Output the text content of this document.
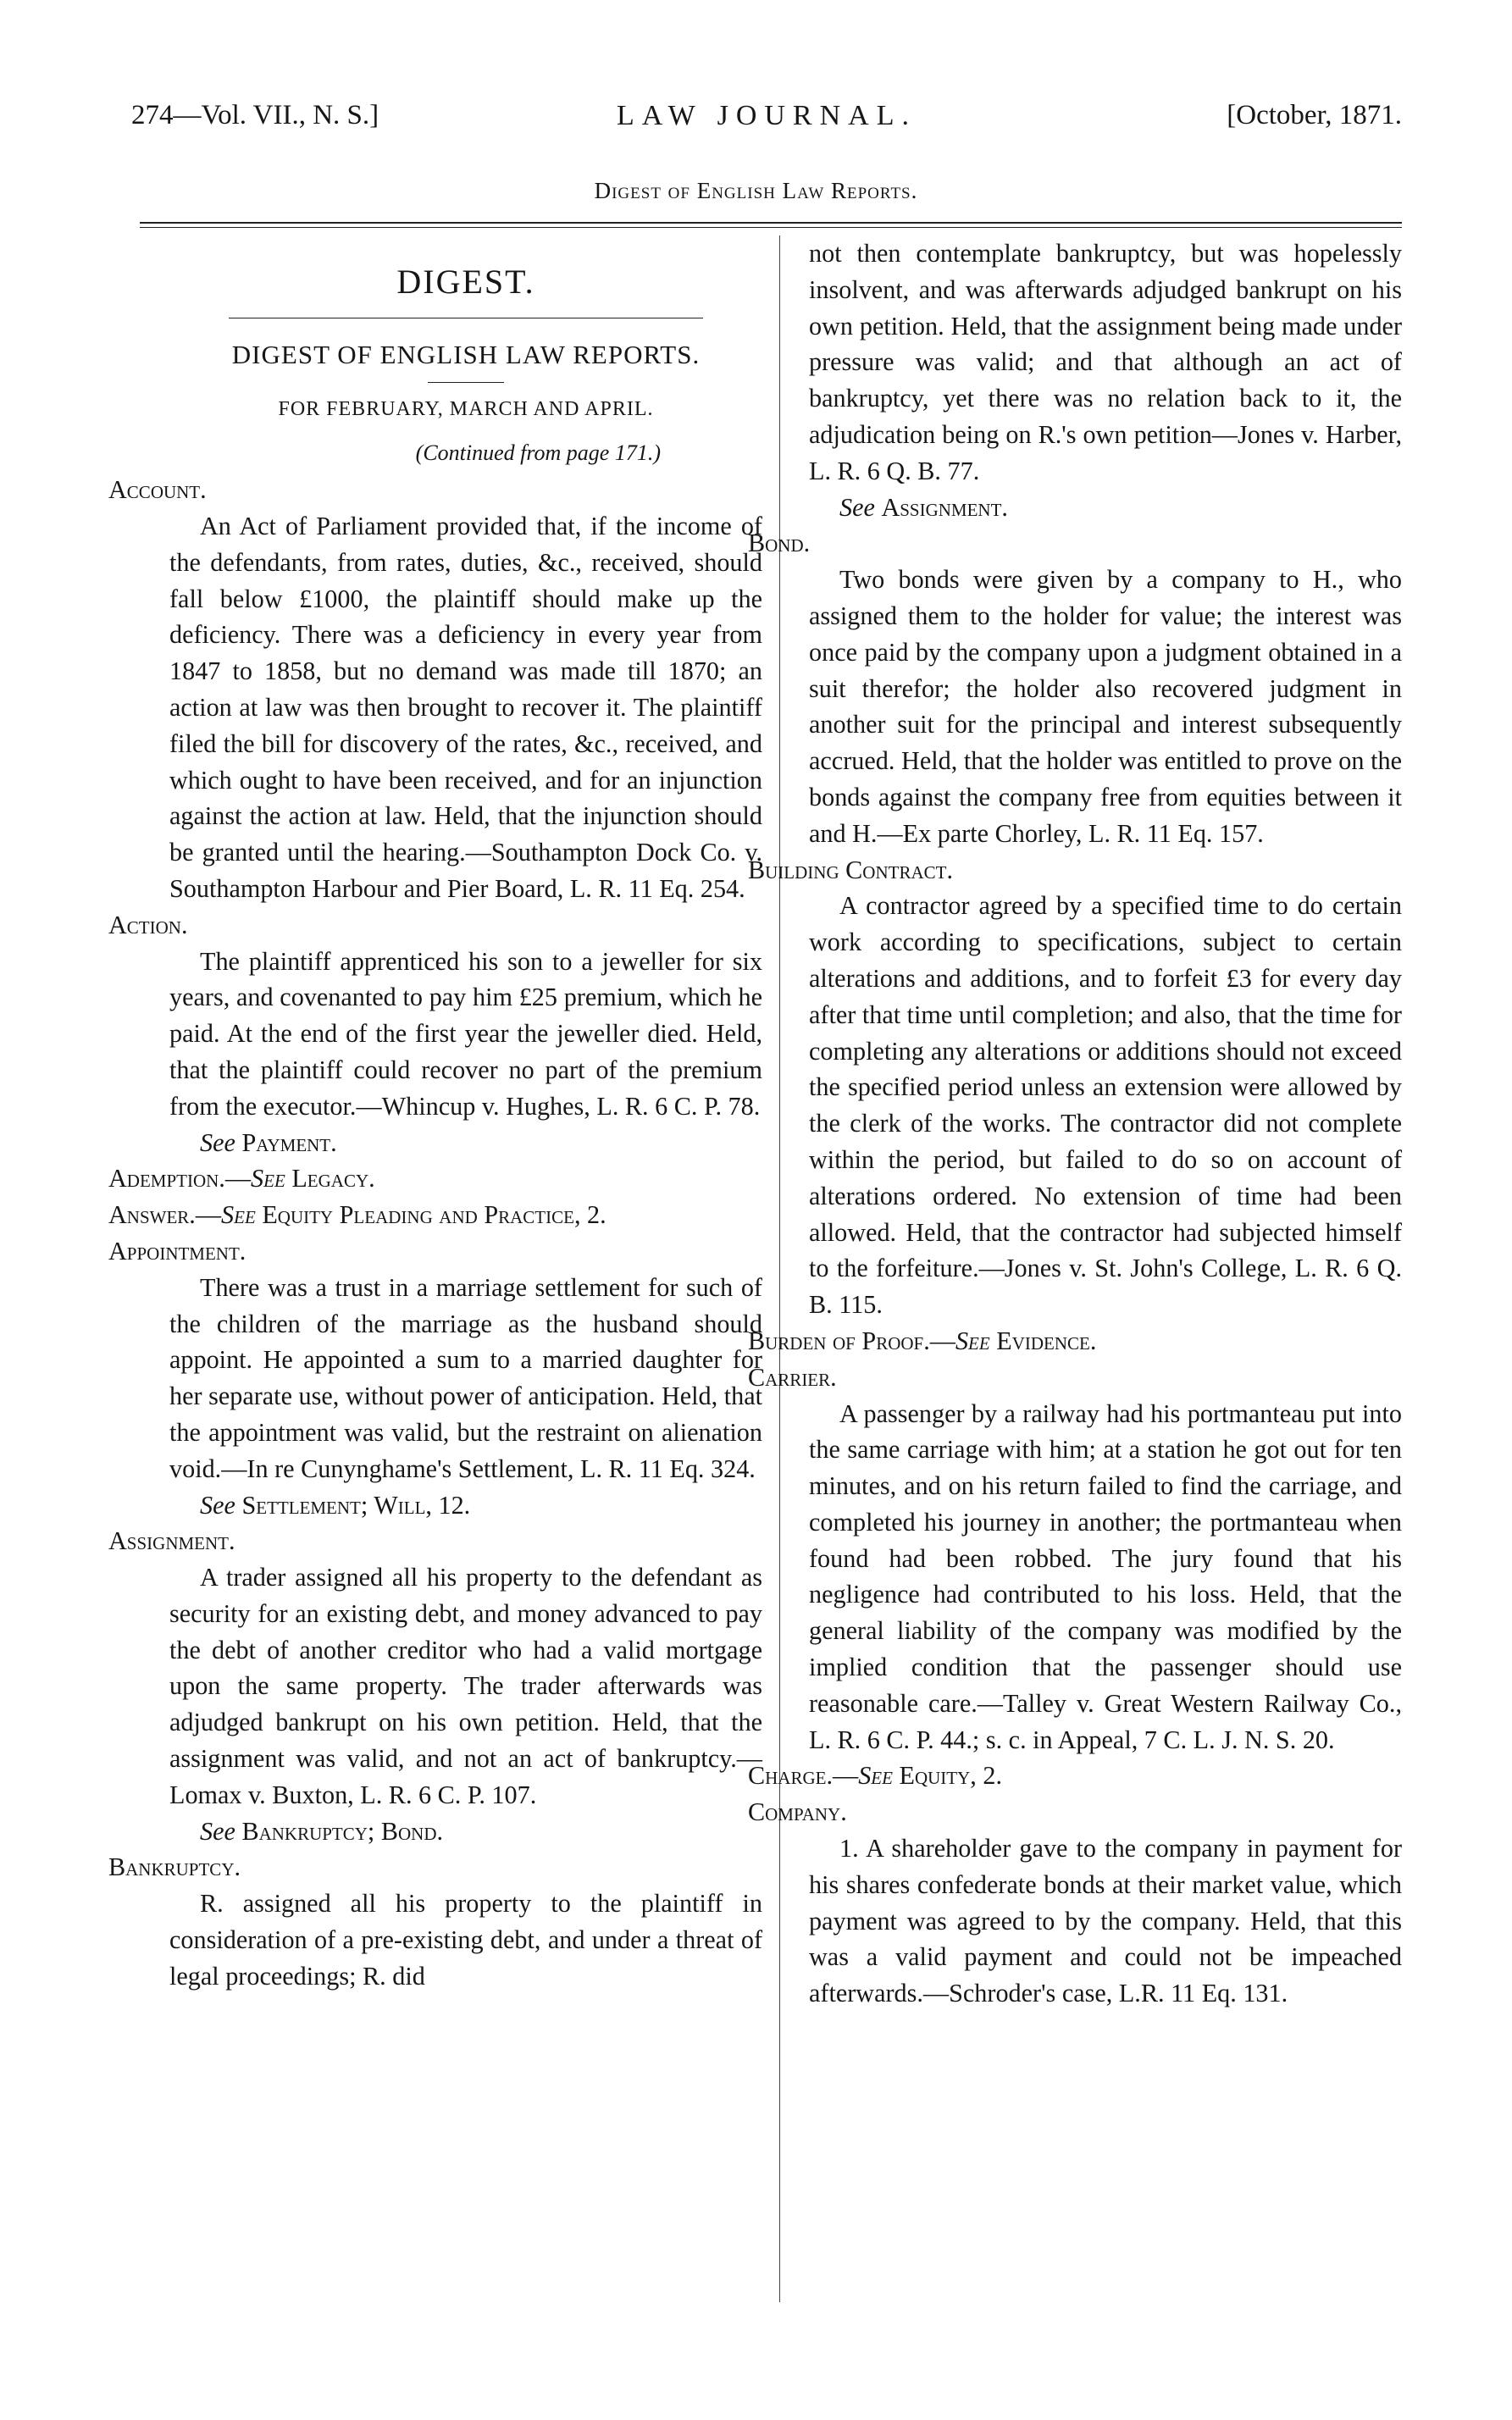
274—Vol. VII., N. S.]	LAW JOURNAL.	[October, 1871.
Digest of English Law Reports.

DIGEST.

DIGEST OF ENGLISH LAW REPORTS.

FOR FEBRUARY, MARCH AND APRIL.

(Continued from page 171.)

Account.

An Act of Parliament provided that, if the income of the defendants, from rates, duties, &c., received, should fall below £1000, the plaintiff should make up the deficiency. There was a deficiency in every year from 1847 to 1858, but no demand was made till 1870; an action at law was then brought to recover it. The plaintiff filed the bill for discovery of the rates, &c., received, and which ought to have been received, and for an injunction against the action at law. Held, that the injunction should be granted until the hearing.—Southampton Dock Co. v. Southampton Harbour and Pier Board, L. R. 11 Eq. 254.

Action.

The plaintiff apprenticed his son to a jeweller for six years, and covenanted to pay him £25 premium, which he paid. At the end of the first year the jeweller died. Held, that the plaintiff could recover no part of the premium from the executor.—Whincup v. Hughes, L. R. 6 C. P. 78.

See Payment.

Ademption.—See Legacy.

Answer.—See Equity Pleading and Practice, 2.

Appointment.

There was a trust in a marriage settlement for such of the children of the marriage as the husband should appoint. He appointed a sum to a married daughter for her separate use, without power of anticipation. Held, that the appointment was valid, but the restraint on alienation void.—In re Cunynghame's Settlement, L. R. 11 Eq. 324.

See Settlement; Will, 12.

Assignment.

A trader assigned all his property to the defendant as security for an existing debt, and money advanced to pay the debt of another creditor who had a valid mortgage upon the same property. The trader afterwards was adjudged bankrupt on his own petition. Held, that the assignment was valid, and not an act of bankruptcy.—Lomax v. Buxton, L. R. 6 C. P. 107.

See Bankruptcy; Bond.

Bankruptcy.

R. assigned all his property to the plaintiff in consideration of a pre-existing debt, and under a threat of legal proceedings; R. did

not then contemplate bankruptcy, but was hopelessly insolvent, and was afterwards adjudged bankrupt on his own petition. Held, that the assignment being made under pressure was valid; and that although an act of bankruptcy, yet there was no relation back to it, the adjudication being on R.'s own petition—Jones v. Harber, L. R. 6 Q. B. 77.

See Assignment.

Bond.

Two bonds were given by a company to H., who assigned them to the holder for value; the interest was once paid by the company upon a judgment obtained in a suit therefor; the holder also recovered judgment in another suit for the principal and interest subsequently accrued. Held, that the holder was entitled to prove on the bonds against the company free from equities between it and H.—Ex parte Chorley, L. R. 11 Eq. 157.

Building Contract.

A contractor agreed by a specified time to do certain work according to specifications, subject to certain alterations and additions, and to forfeit £3 for every day after that time until completion; and also, that the time for completing any alterations or additions should not exceed the specified period unless an extension were allowed by the clerk of the works. The contractor did not complete within the period, but failed to do so on account of alterations ordered. No extension of time had been allowed. Held, that the contractor had subjected himself to the forfeiture.—Jones v. St. John's College, L. R. 6 Q. B. 115.

Burden of Proof.—See Evidence.

Carrier.

A passenger by a railway had his portmanteau put into the same carriage with him; at a station he got out for ten minutes, and on his return failed to find the carriage, and completed his journey in another; the portmanteau when found had been robbed. The jury found that his negligence had contributed to his loss. Held, that the general liability of the company was modified by the implied condition that the passenger should use reasonable care.—Talley v. Great Western Railway Co., L. R. 6 C. P. 44.; s. c. in Appeal, 7 C. L. J. N. S. 20.

Charge.—See Equity, 2.

Company.

1. A shareholder gave to the company in payment for his shares confederate bonds at their market value, which payment was agreed to by the company. Held, that this was a valid payment and could not be impeached afterwards.—Schroder's case, L.R. 11 Eq. 131.
